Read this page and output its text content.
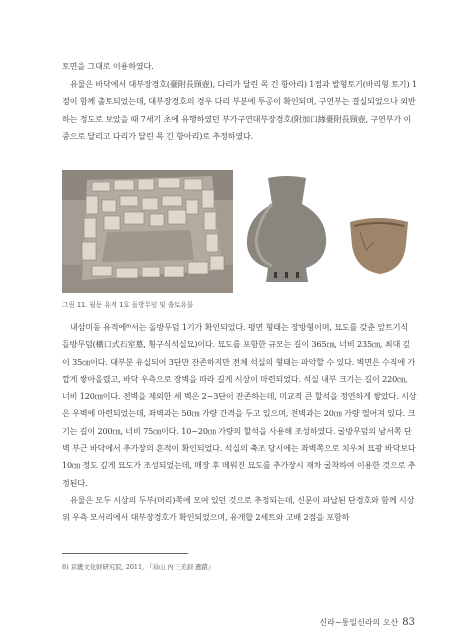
토면을 그대로 이용하였다.

유물은 바닥에서 대부장경호(臺附長頸壺), 다리가 달린 목 긴 항아리) 1점과 발형토기(바리형 토기) 1점이 함께 출토되었는데, 대부장경호의 경우 다리 부분에 투공이 확인되며, 구연부는 결실되었으나 외반하는 정도로 보았을 때 7세기 초에 유행하였던 부가구연대부장경호(附加口緣臺附長頸壺, 구연부가 이중으로 달리고 다리가 달린 목 긴 항아리)로 추정하였다.

그림 11. 월동 유적 1호 돌방무덤 및 출토유물

내삼미동 유적에⁸⁾서는 돌방무덤 1기가 확인되었다. 평면 형태는 장방형이며, 묘도를 갖춘 앞트기식 돌방무덤(橫口式石室墓, 횡구식석실묘)이다. 묘도를 포함한 규모는 길이 365㎝, 너비 235㎝, 최대 깊이 35㎝이다. 대부분 유실되어 3단만 잔존하지만 전체 석실의 형태는 파악할 수 있다. 벽면은 수직에 가깝게 쌓아올렸고, 바닥 우측으로 장벽을 따라 길게 시상이 마련되었다. 석실 내부 크기는 길이 220㎝, 너비 120㎝이다. 전벽을 제외한 세 벽은 2~3단이 잔존하는데, 미교적 큰 할석을 정연하게 쌓았다. 시상은 우벽에 마련되었는데, 좌벽과는 50㎝ 가량 간격을 두고 있으며, 전벽과는 20㎝ 가량 떨어져 있다. 크기는 길이 200㎝, 너비 75㎝이다. 10~20㎝ 가량의 할석을 사용해 조성하였다. 굴방무덤의 남서쪽 단벽 부근 바닥에서 추가장의 흔적이 확인되었다. 석실의 축조 당시에는 좌벽쪽으로 치우쳐 묘광 바닥보다 10㎝ 정도 깊게 묘도가 조성되었는데, 매장 후 메워진 묘도를 추가장시 재차 굴착하여 이용한 것으로 추정된다.

유물은 모두 시상의 두부(머리)쪽에 모여 있던 것으로 추정되는데, 신문이 파납된 단경호와 함께 시상 위 우측 모서리에서 대부장경호가 확인되었으며, 유개합 2세트와 고배 2점을 포함하

8) 京畿文化財研究院, 2011, 『烏山 內三美洞 遺蹟』
신라~통일신라의 오산 83
